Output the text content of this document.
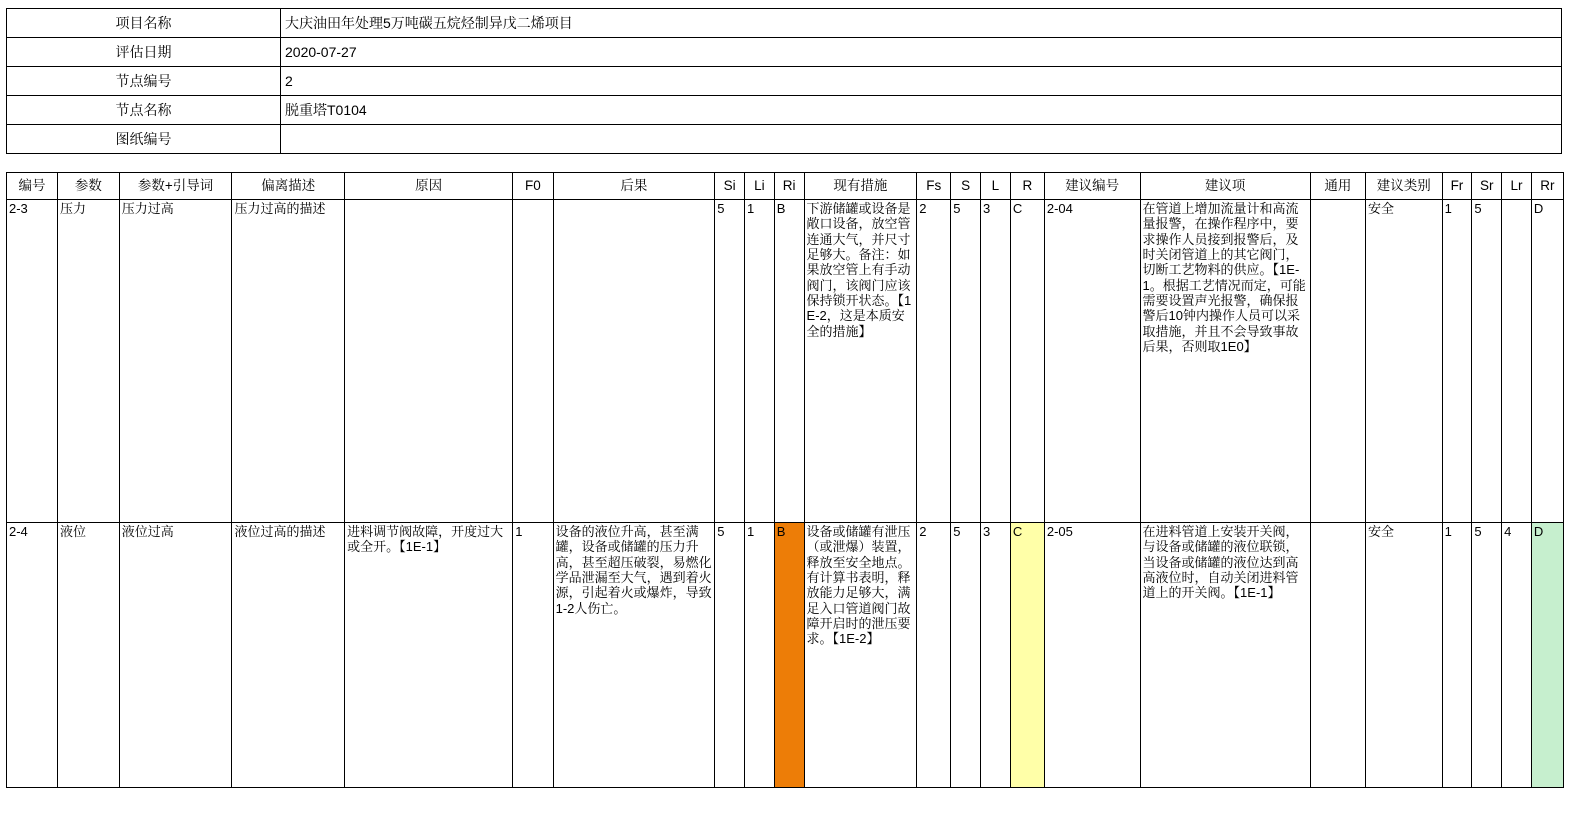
项目名称	大庆油田年处理5万吨碳五烷烃制异戊二烯项目
评估日期	2020-07-27
节点编号	2
节点名称	脱重塔T0104
图纸编号	
编号	参数	参数+引导词	偏离描述	原因	F0	后果	Si	Li	Ri	现有措施	Fs	S	L	R	建议编号	建议项	通用	建议类别	Fr	Sr	Lr	Rr
2-3	压力	压力过高	压力过高的描述				5	1	B	下游储罐或设备是敞口设备，放空管连通大气，并尺寸足够大。备注：如果放空管上有手动阀门，该阀门应该保持锁开状态。【1E-2，这是本质安全的措施】	2	5	3	C	2-04	在管道上增加流量计和高流量报警，在操作程序中，要求操作人员接到报警后，及时关闭管道上的其它阀门，切断工艺物料的供应。【1E-1。根据工艺情况而定，可能需要设置声光报警，确保报警后10钟内操作人员可以采取措施，并且不会导致事故后果，否则取1E0】		安全	1	5		D
2-4	液位	液位过高	液位过高的描述	进料调节阀故障，开度过大或全开。【1E-1】	1	设备的液位升高，甚至满罐，设备或储罐的压力升高，甚至超压破裂，易燃化学品泄漏至大气，遇到着火源，引起着火或爆炸，导致1-2人伤亡。	5	1	B	设备或储罐有泄压（或泄爆）装置，释放至安全地点。有计算书表明，释放能力足够大，满足入口管道阀门故障开启时的泄压要求。【1E-2】	2	5	3	C	2-05	在进料管道上安装开关阀，与设备或储罐的液位联锁，当设备或储罐的液位达到高高液位时，自动关闭进料管道上的开关阀。【1E-1】		安全	1	5	4	D
